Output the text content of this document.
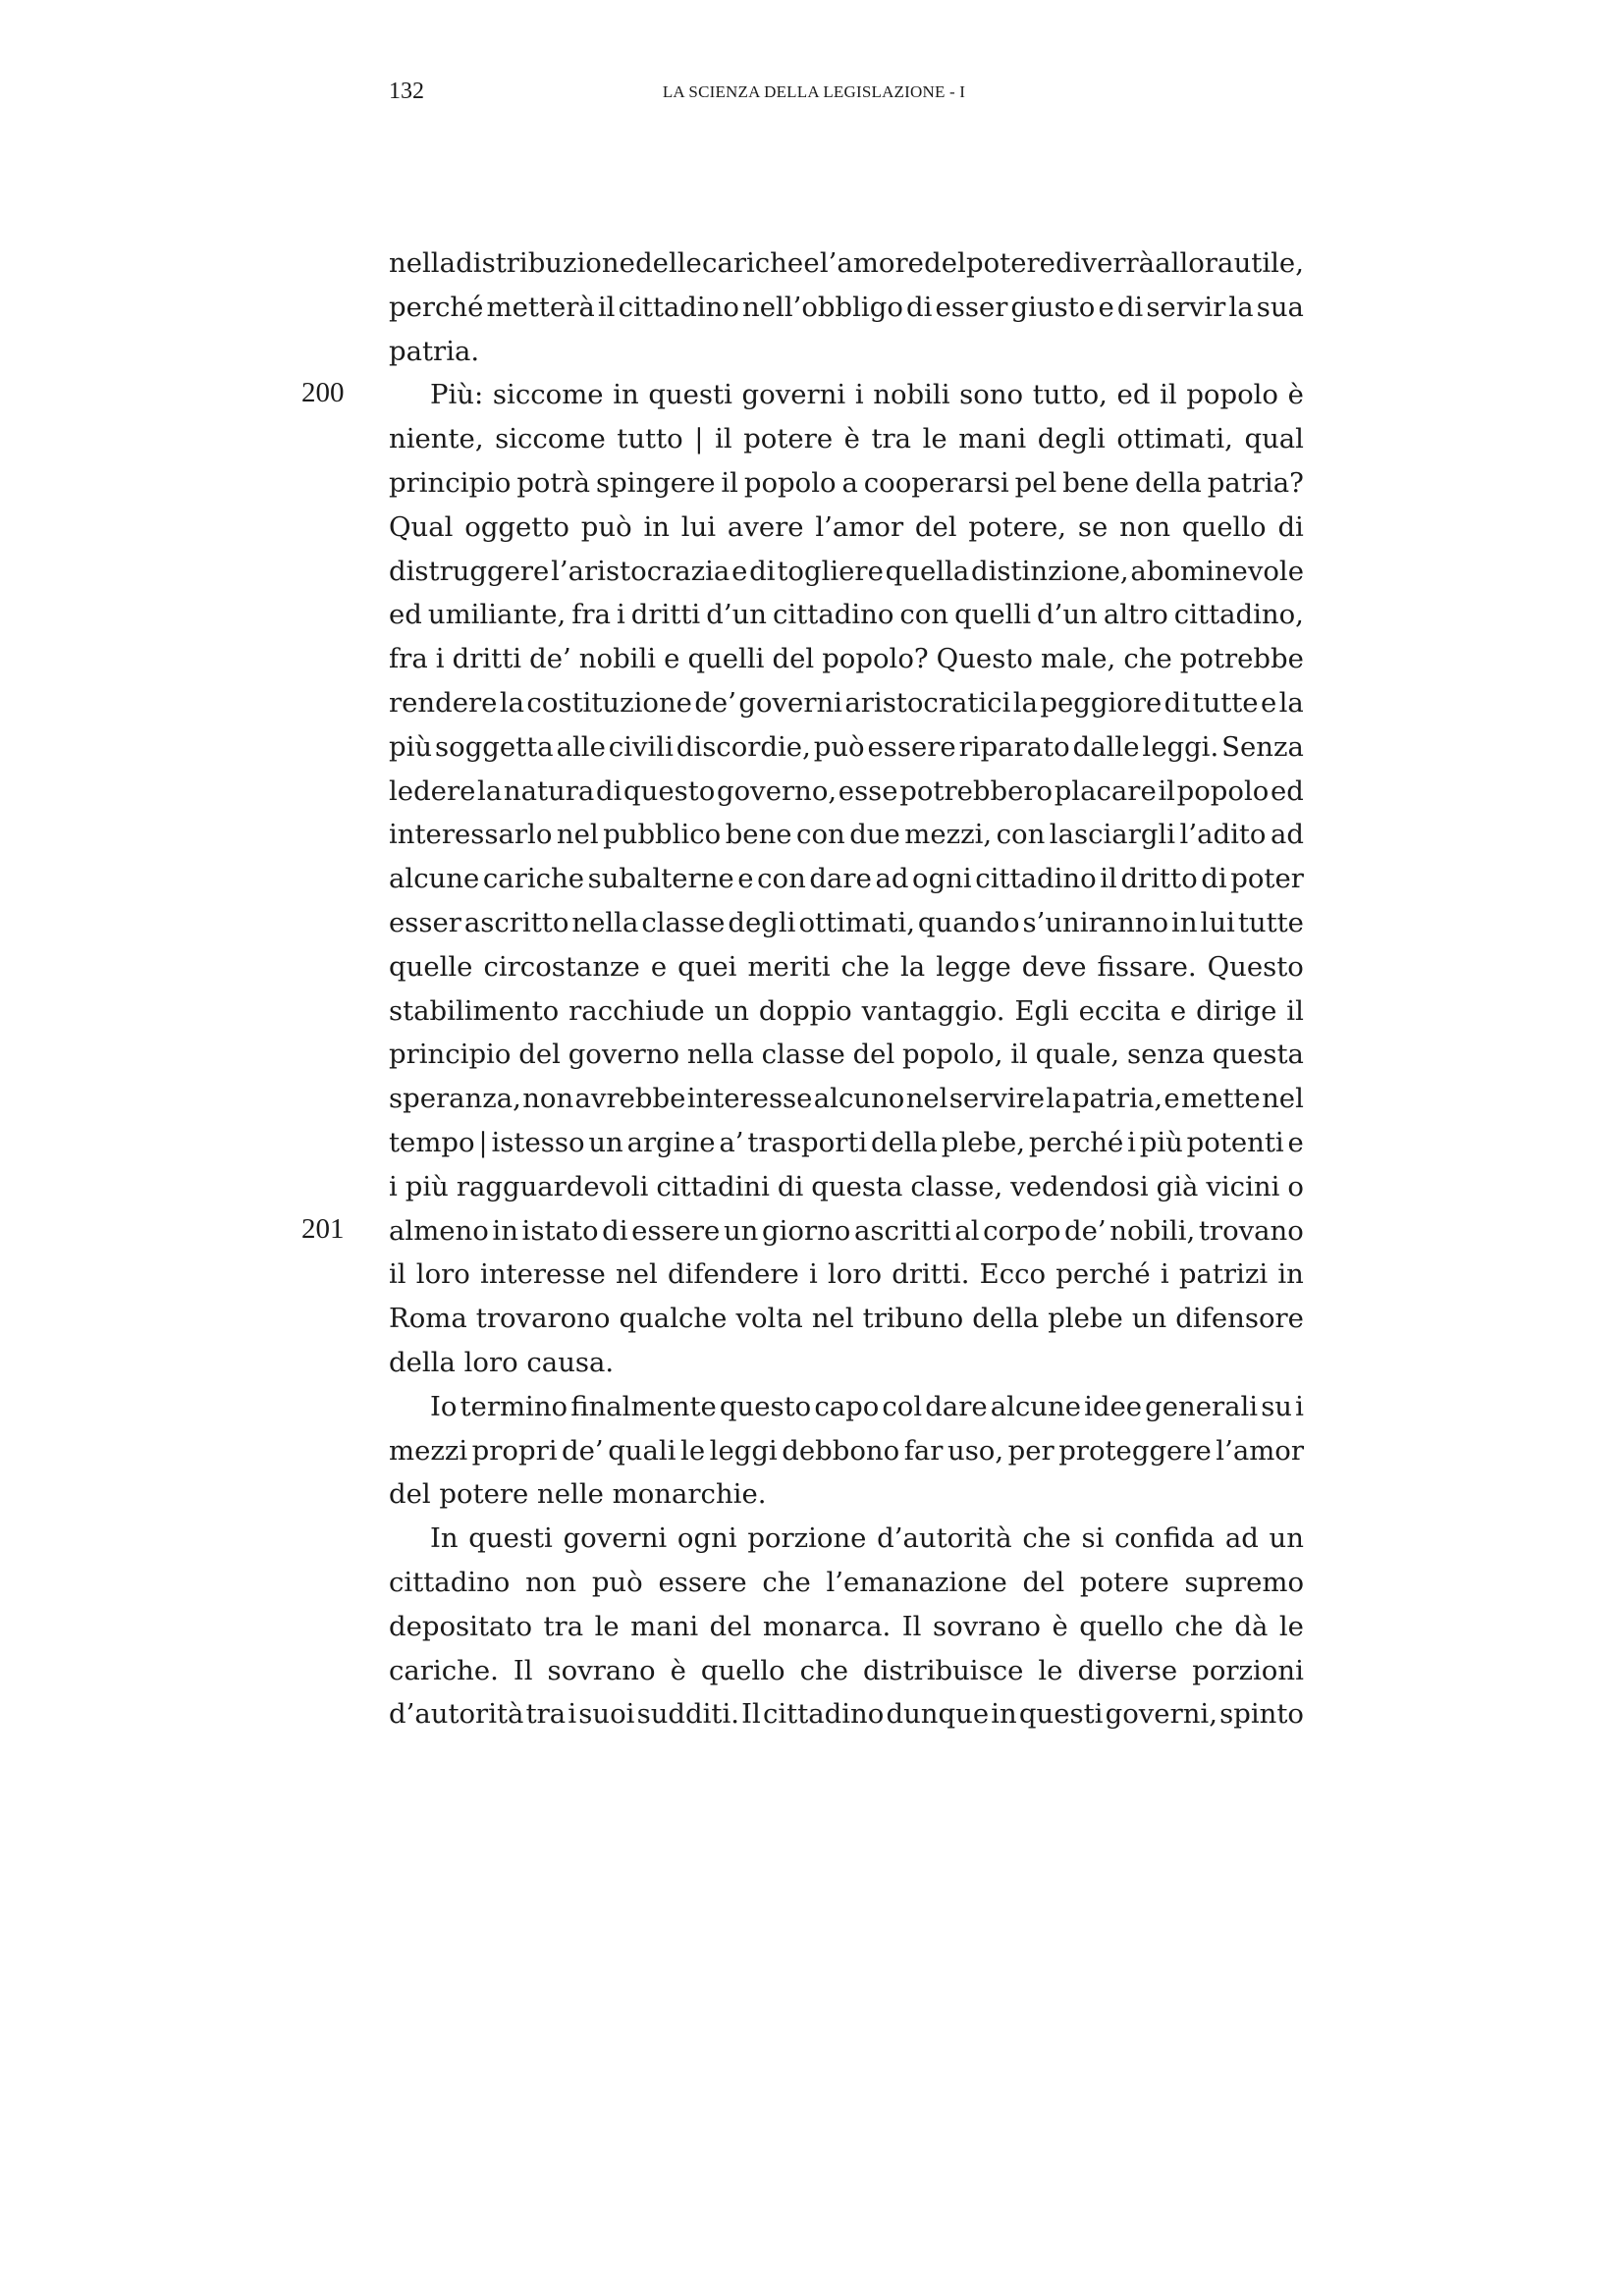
132	LA SCIENZA DELLA LEGISLAZIONE - I
nella distribuzione delle cariche e l’amore del potere diverrà allora utile,
perché metterà il cittadino nell’obbligo di esser giusto e di servir la sua
patria.
Più: siccome in questi governi i nobili sono tutto, ed il popolo è
niente, siccome tutto | il potere è tra le mani degli ottimati, qual
principio potrà spingere il popolo a cooperarsi pel bene della patria?
Qual oggetto può in lui avere l’amor del potere, se non quello di
distruggere l’aristocrazia e di togliere quella distinzione, abominevole
ed umiliante, fra i dritti d’un cittadino con quelli d’un altro cittadino,
fra i dritti de’ nobili e quelli del popolo? Questo male, che potrebbe
rendere la costituzione de’ governi aristocratici la peggiore di tutte e la
più soggetta alle civili discordie, può essere riparato dalle leggi. Senza
ledere la natura di questo governo, esse potrebbero placare il popolo ed
interessarlo nel pubblico bene con due mezzi, con lasciargli l’adito ad
alcune cariche subalterne e con dare ad ogni cittadino il dritto di poter
esser ascritto nella classe degli ottimati, quando s’uniranno in lui tutte
quelle circostanze e quei meriti che la legge deve fissare. Questo
stabilimento racchiude un doppio vantaggio. Egli eccita e dirige il
principio del governo nella classe del popolo, il quale, senza questa
speranza, non avrebbe interesse alcuno nel servire la patria, e mette nel
tempo | istesso un argine a’ trasporti della plebe, perché i più potenti e
i più ragguardevoli cittadini di questa classe, vedendosi già vicini o
almeno in istato di essere un giorno ascritti al corpo de’ nobili, trovano
il loro interesse nel difendere i loro dritti. Ecco perché i patrizi in
Roma trovarono qualche volta nel tribuno della plebe un difensore
della loro causa.
Io termino finalmente questo capo col dare alcune idee generali su i
mezzi propri de’ quali le leggi debbono far uso, per proteggere l’amor
del potere nelle monarchie.
In questi governi ogni porzione d’autorità che si confida ad un
cittadino non può essere che l’emanazione del potere supremo
depositato tra le mani del monarca. Il sovrano è quello che dà le
cariche. Il sovrano è quello che distribuisce le diverse porzioni
d’autorità tra i suoi sudditi. Il cittadino dunque in questi governi, spinto
200
201
